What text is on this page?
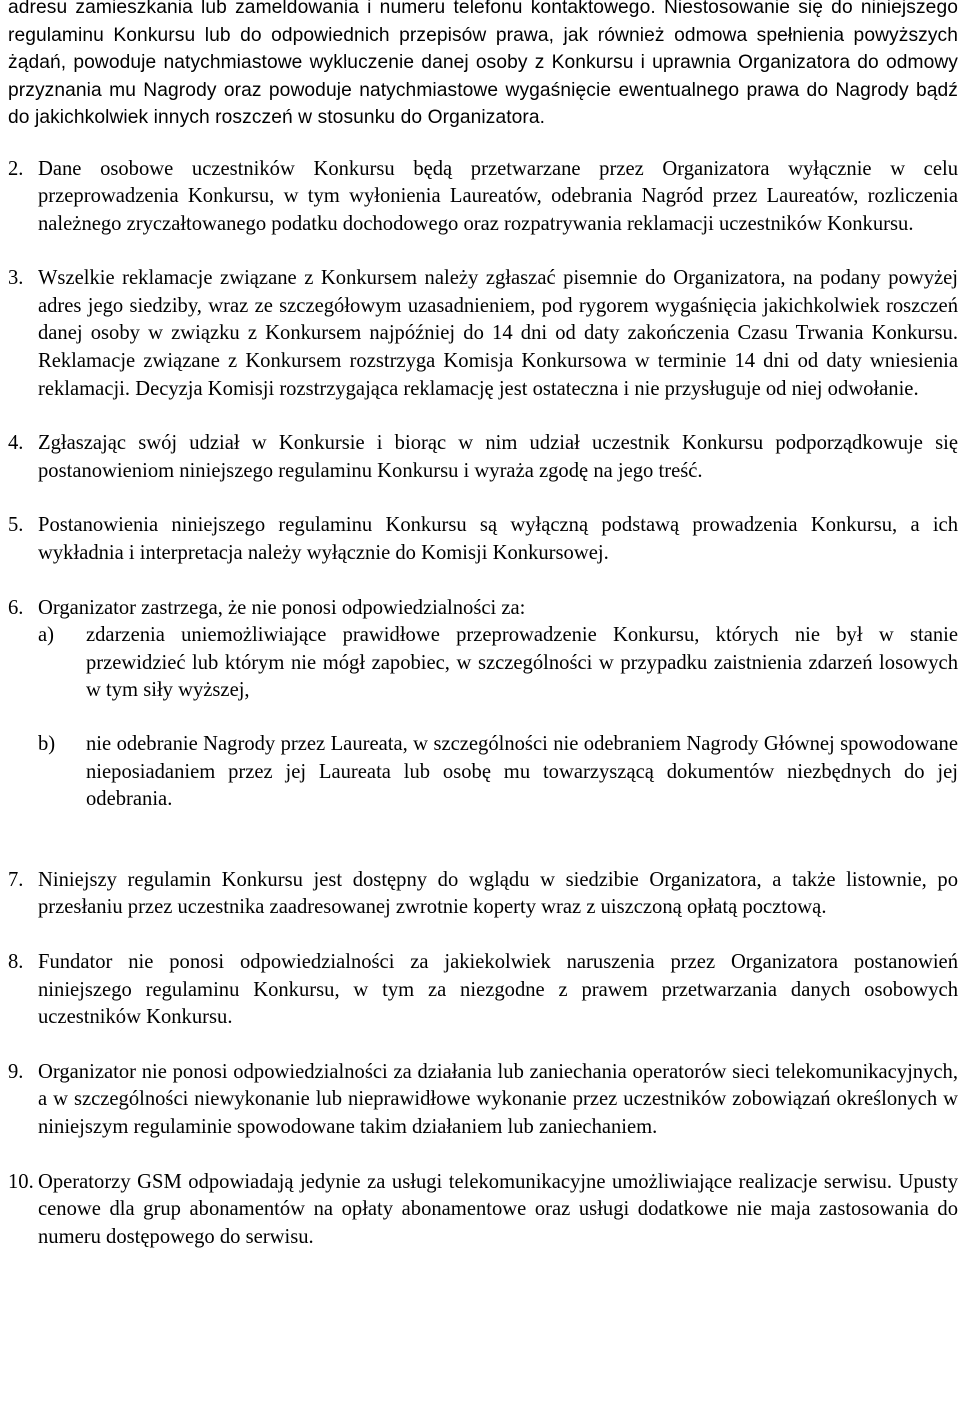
adresu zamieszkania lub zameldowania i numeru telefonu kontaktowego. Niestosowanie się do niniejszego regulaminu Konkursu lub do odpowiednich przepisów prawa, jak również odmowa spełnienia powyższych żądań, powoduje natychmiastowe wykluczenie danej osoby z Konkursu i uprawnia Organizatora do odmowy przyznania mu Nagrody oraz powoduje natychmiastowe wygaśnięcie ewentualnego prawa do Nagrody bądź do jakichkolwiek innych roszczeń w stosunku do Organizatora.

2. Dane osobowe uczestników Konkursu będą przetwarzane przez Organizatora wyłącznie w celu przeprowadzenia Konkursu, w tym wyłonienia Laureatów, odebrania Nagród przez Laureatów, rozliczenia należnego zryczałtowanego podatku dochodowego oraz rozpatrywania reklamacji uczestników Konkursu.
3. Wszelkie reklamacje związane z Konkursem należy zgłaszać pisemnie do Organizatora, na podany powyżej adres jego siedziby, wraz ze szczegółowym uzasadnieniem, pod rygorem wygaśnięcia jakichkolwiek roszczeń danej osoby w związku z Konkursem najpóźniej do 14 dni od daty zakończenia Czasu Trwania Konkursu. Reklamacje związane z Konkursem rozstrzyga Komisja Konkursowa w terminie 14 dni od daty wniesienia reklamacji. Decyzja Komisji rozstrzygająca reklamację jest ostateczna i nie przysługuje od niej odwołanie.
4. Zgłaszając swój udział w Konkursie i biorąc w nim udział uczestnik Konkursu podporządkowuje się postanowieniom niniejszego regulaminu Konkursu i wyraża zgodę na jego treść.
5. Postanowienia niniejszego regulaminu Konkursu są wyłączną podstawą prowadzenia Konkursu, a ich wykładnia i interpretacja należy wyłącznie do Komisji Konkursowej.
6. Organizator zastrzega, że nie ponosi odpowiedzialności za:
a)	zdarzenia uniemożliwiające prawidłowe przeprowadzenie Konkursu, których nie był w stanie przewidzieć lub którym nie mógł zapobiec, w szczególności w przypadku zaistnienia zdarzeń losowych w tym siły wyższej,
b)	nie odebranie Nagrody przez Laureata, w szczególności nie odebraniem Nagrody Głównej spowodowane nieposiadaniem przez jej Laureata lub osobę mu towarzyszącą dokumentów niezbędnych do jej odebrania.
7. Niniejszy regulamin Konkursu jest dostępny do wglądu w siedzibie Organizatora, a także listownie, po przesłaniu przez uczestnika zaadresowanej zwrotnie koperty wraz z uiszczoną opłatą pocztową.
8. Fundator nie ponosi odpowiedzialności za jakiekolwiek naruszenia przez Organizatora postanowień niniejszego regulaminu Konkursu, w tym za niezgodne z prawem przetwarzania danych osobowych uczestników Konkursu.
9. Organizator nie ponosi odpowiedzialności za działania lub zaniechania operatorów sieci telekomunikacyjnych, a w szczególności niewykonanie lub nieprawidłowe wykonanie przez uczestników zobowiązań określonych w niniejszym regulaminie spowodowane takim działaniem lub zaniechaniem.
10. Operatorzy GSM odpowiadają jedynie za usługi telekomunikacyjne umożliwiające realizacje serwisu. Upusty cenowe dla grup abonamentów na opłaty abonamentowe oraz usługi dodatkowe nie maja zastosowania do numeru dostępowego do serwisu.
